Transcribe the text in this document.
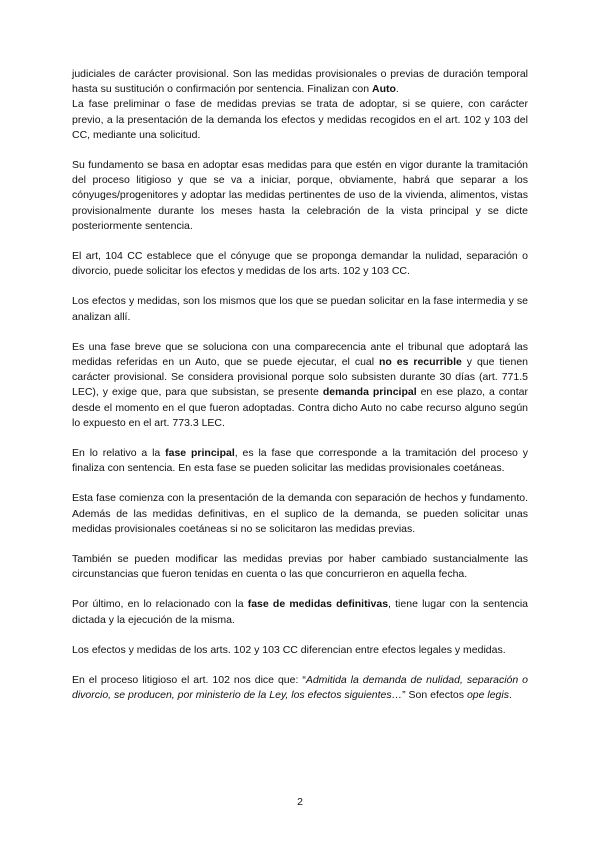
judiciales de carácter provisional. Son las medidas provisionales o previas de duración temporal hasta su sustitución o confirmación por sentencia. Finalizan con Auto.

La fase preliminar o fase de medidas previas se trata de adoptar, si se quiere, con carácter previo, a la presentación de la demanda los efectos y medidas recogidos en el art. 102 y 103 del CC, mediante una solicitud.

Su fundamento se basa en adoptar esas medidas para que estén en vigor durante la tramitación del proceso litigioso y que se va a iniciar, porque, obviamente, habrá que separar a los cónyuges/progenitores y adoptar las medidas pertinentes de uso de la vivienda, alimentos, vistas provisionalmente durante los meses hasta la celebración de la vista principal y se dicte posteriormente sentencia.

El art, 104 CC establece que el cónyuge que se proponga demandar la nulidad, separación o divorcio, puede solicitar los efectos y medidas de los arts. 102 y 103 CC.

Los efectos y medidas, son los mismos que los que se puedan solicitar en la fase intermedia y se analizan allí.

Es una fase breve que se soluciona con una comparecencia ante el tribunal que adoptará las medidas referidas en un Auto, que se puede ejecutar, el cual no es recurrible y que tienen carácter provisional. Se considera provisional porque solo subsisten durante 30 días (art. 771.5 LEC), y exige que, para que subsistan, se presente demanda principal en ese plazo, a contar desde el momento en el que fueron adoptadas. Contra dicho Auto no cabe recurso alguno según lo expuesto en el art. 773.3 LEC.

En lo relativo a la fase principal, es la fase que corresponde a la tramitación del proceso y finaliza con sentencia. En esta fase se pueden solicitar las medidas provisionales coetáneas.

Esta fase comienza con la presentación de la demanda con separación de hechos y fundamento. Además de las medidas definitivas, en el suplico de la demanda, se pueden solicitar unas medidas provisionales coetáneas si no se solicitaron las medidas previas.

También se pueden modificar las medidas previas por haber cambiado sustancialmente las circunstancias que fueron tenidas en cuenta o las que concurrieron en aquella fecha.

Por último, en lo relacionado con la fase de medidas definitivas, tiene lugar con la sentencia dictada y la ejecución de la misma.

Los efectos y medidas de los arts. 102 y 103 CC diferencian entre efectos legales y medidas.

En el proceso litigioso el art. 102 nos dice que: “Admitida la demanda de nulidad, separación o divorcio, se producen, por ministerio de la Ley, los efectos siguientes…” Son efectos ope legis.

2
